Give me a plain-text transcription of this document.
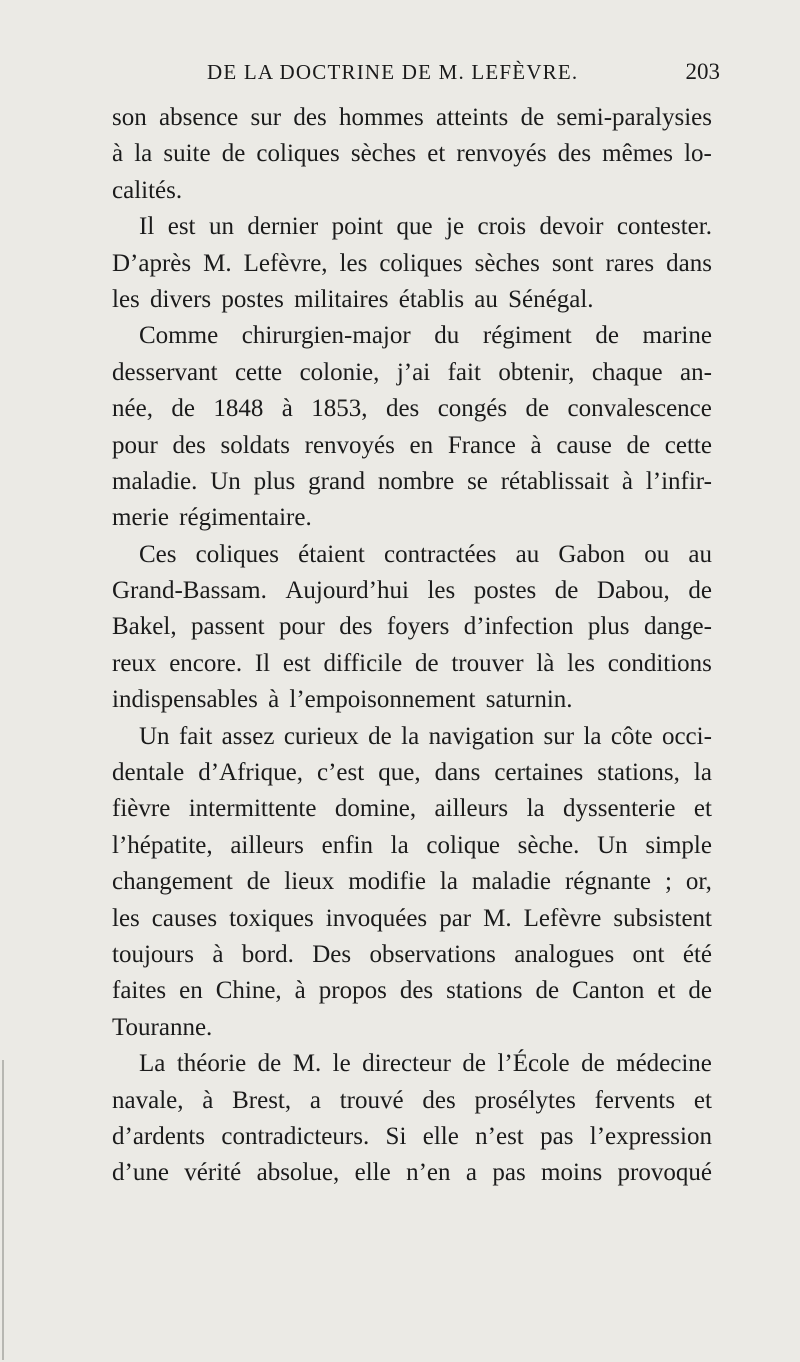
DE LA DOCTRINE DE M. LEFÈVRE.	203
son absence sur des hommes atteints de semi-paralysies
à la suite de coliques sèches et renvoyés des mêmes lo-
calités.
Il est un dernier point que je crois devoir contester.
D’après M. Lefèvre, les coliques sèches sont rares dans
les divers postes militaires établis au Sénégal.
Comme chirurgien-major du régiment de marine
desservant cette colonie, j’ai fait obtenir, chaque an-
née, de 1848 à 1853, des congés de convalescence
pour des soldats renvoyés en France à cause de cette
maladie. Un plus grand nombre se rétablissait à l’infir-
merie régimentaire.
Ces coliques étaient contractées au Gabon ou au
Grand-Bassam. Aujourd’hui les postes de Dabou, de
Bakel, passent pour des foyers d’infection plus dange-
reux encore. Il est difficile de trouver là les conditions
indispensables à l’empoisonnement saturnin.
Un fait assez curieux de la navigation sur la côte occi-
dentale d’Afrique, c’est que, dans certaines stations, la
fièvre intermittente domine, ailleurs la dyssenterie et
l’hépatite, ailleurs enfin la colique sèche. Un simple
changement de lieux modifie la maladie régnante ; or,
les causes toxiques invoquées par M. Lefèvre subsistent
toujours à bord. Des observations analogues ont été
faites en Chine, à propos des stations de Canton et de
Touranne.
La théorie de M. le directeur de l’École de médecine
navale, à Brest, a trouvé des prosélytes fervents et
d’ardents contradicteurs. Si elle n’est pas l’expression
d’une vérité absolue, elle n’en a pas moins provoqué
